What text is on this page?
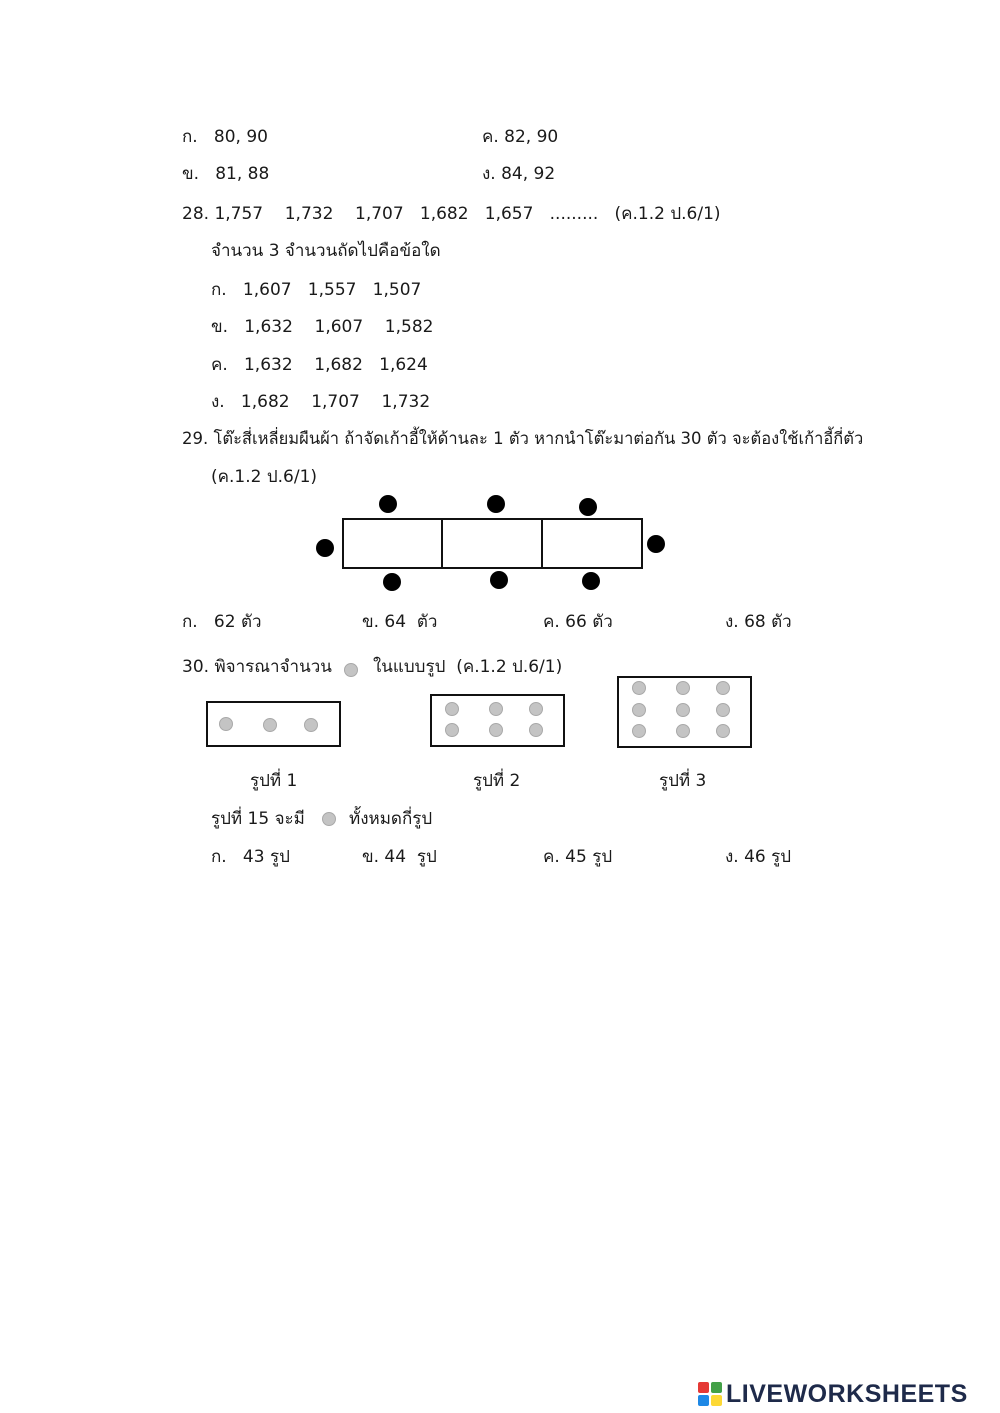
ก.   80, 90	ค. 82, 90
ข.   81, 88	ง. 84, 92
28. 1,757    1,732    1,707   1,682   1,657   .........   (ค.1.2 ป.6/1)
จำนวน 3 จำนวนถัดไปคือข้อใด
ก.   1,607   1,557   1,507
ข.   1,632    1,607    1,582
ค.   1,632    1,682   1,624
ง.   1,682    1,707    1,732
29. โต๊ะสี่เหลี่ยมผืนผ้า ถ้าจัดเก้าอี้ให้ด้านละ 1 ตัว หากนำโต๊ะมาต่อกัน 30 ตัว จะต้องใช้เก้าอี้กี่ตัว
(ค.1.2 ป.6/1)
ก.   62 ตัว	ข. 64  ตัว	ค. 66 ตัว	ง. 68 ตัว
30. พิจารณาจำนวน ในแบบรูป  (ค.1.2 ป.6/1)
รูปที่ 1	รูปที่ 2	รูปที่ 3
รูปที่ 15 จะมี	ทั้งหมดกี่รูป
ก.   43 รูป	ข. 44  รูป	ค. 45 รูป	ง. 46 รูป
LIVEWORKSHEETS
